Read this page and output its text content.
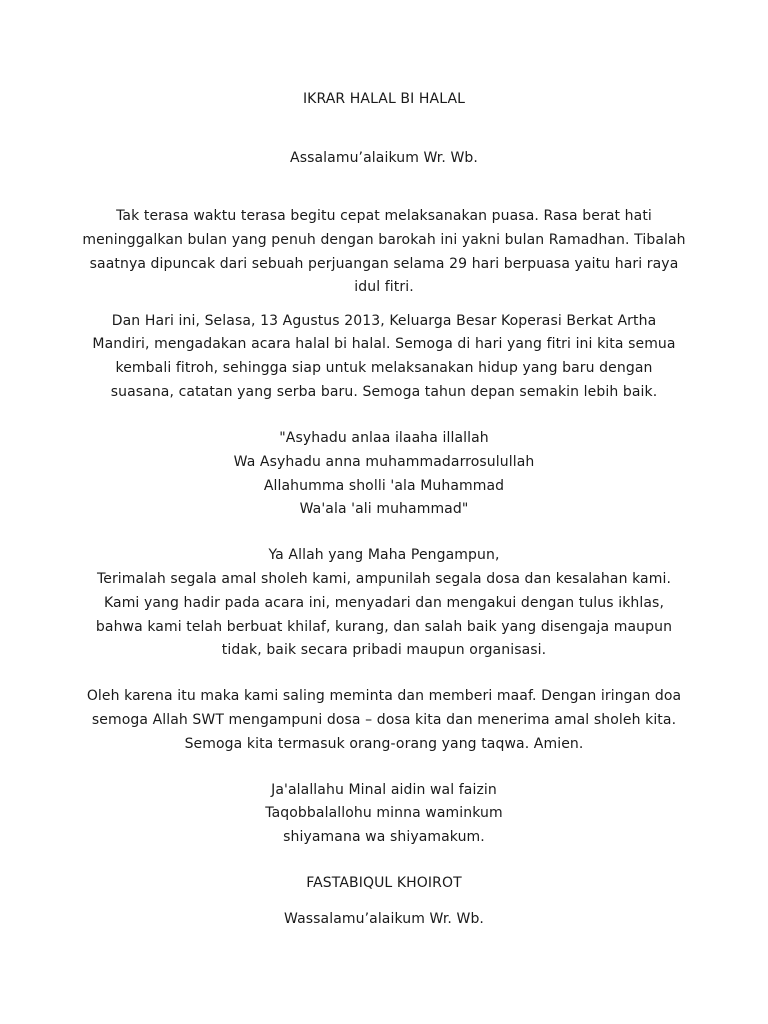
IKRAR HALAL BI HALAL
Assalamu’alaikum Wr. Wb.
Tak terasa waktu terasa begitu cepat melaksanakan puasa. Rasa berat hati
meninggalkan bulan yang penuh dengan barokah ini yakni bulan Ramadhan. Tibalah
saatnya dipuncak dari sebuah perjuangan selama 29 hari berpuasa yaitu hari raya
idul fitri.
Dan Hari ini, Selasa, 13 Agustus 2013, Keluarga Besar Koperasi Berkat Artha
Mandiri, mengadakan acara halal bi halal. Semoga di hari yang fitri ini kita semua
kembali fitroh, sehingga siap untuk melaksanakan hidup yang baru dengan
suasana, catatan yang serba baru. Semoga tahun depan semakin lebih baik.
"Asyhadu anlaa ilaaha illallah
Wa Asyhadu anna muhammadarrosulullah
Allahumma sholli 'ala Muhammad
Wa'ala 'ali muhammad"
Ya Allah yang Maha Pengampun,
Terimalah segala amal sholeh kami, ampunilah segala dosa dan kesalahan kami.
Kami yang hadir pada acara ini, menyadari dan mengakui dengan tulus ikhlas,
bahwa kami telah berbuat khilaf, kurang, dan salah baik yang disengaja maupun
tidak, baik secara pribadi maupun organisasi.
Oleh karena itu maka kami saling meminta dan memberi maaf. Dengan iringan doa
semoga Allah SWT mengampuni dosa – dosa kita dan menerima amal sholeh kita.
Semoga kita termasuk orang-orang yang taqwa. Amien.
Ja'alallahu Minal aidin wal faizin
Taqobbalallohu minna waminkum
shiyamana wa shiyamakum.
FASTABIQUL KHOIROT
Wassalamu’alaikum Wr. Wb.
